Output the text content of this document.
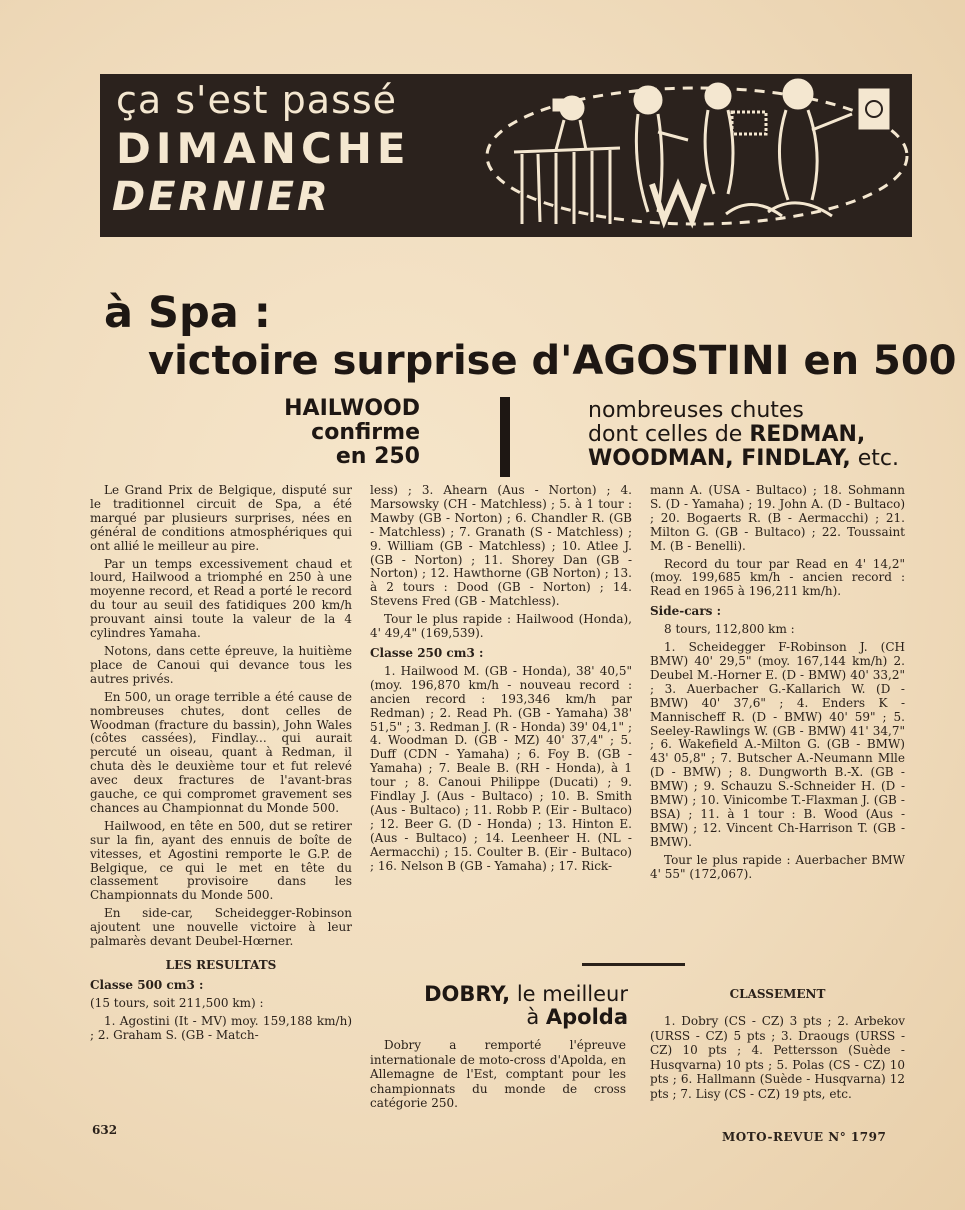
ça s'est passé
DIMANCHE
DERNIER
à Spa :
victoire surprise d'AGOSTINI en 500
HAILWOOD
confirme
en 250
nombreuses chutes
dont celles de REDMAN,
WOODMAN, FINDLAY, etc.

Le Grand Prix de Belgique, disputé sur le traditionnel circuit de Spa, a été marqué par plusieurs surprises, nées en général de conditions atmosphériques qui ont allié le meilleur au pire.

Par un temps excessivement chaud et lourd, Hailwood a triomphé en 250 à une moyenne record, et Read a porté le record du tour au seuil des fatidiques 200 km/h prouvant ainsi toute la valeur de la 4 cylindres Yamaha.

Notons, dans cette épreuve, la huitième place de Canoui qui devance tous les autres privés.

En 500, un orage terrible a été cause de nombreuses chutes, dont celles de Woodman (fracture du bassin), John Wales (côtes cassées), Findlay... qui aurait percuté un oiseau, quant à Redman, il chuta dès le deuxième tour et fut relevé avec deux fractures de l'avant-bras gauche, ce qui compromet gravement ses chances au Championnat du Monde 500.

Hailwood, en tête en 500, dut se retirer sur la fin, ayant des ennuis de boîte de vitesses, et Agostini remporte le G.P. de Belgique, ce qui le met en tête du classement provisoire dans les Championnats du Monde 500.

En side-car, Scheidegger-Robinson ajoutent une nouvelle victoire à leur palmarès devant Deubel-Hœrner.

LES RESULTATS
Classe 500 cm3 :

(15 tours, soit 211,500 km) :

1. Agostini (It - MV) moy. 159,188 km/h) ; 2. Graham S. (GB - Match-

less) ; 3. Ahearn (Aus - Norton) ; 4. Marsowsky (CH - Matchless) ; 5. à 1 tour : Mawby (GB - Norton) ; 6. Chandler R. (GB - Matchless) ; 7. Granath (S - Matchless) ; 9. William (GB - Matchless) ; 10. Atlee J. (GB - Norton) ; 11. Shorey Dan (GB - Norton) ; 12. Hawthorne (GB Norton) ; 13. à 2 tours : Dood (GB - Norton) ; 14. Stevens Fred (GB - Matchless).

Tour le plus rapide : Hailwood (Honda), 4' 49,4" (169,539).

Classe 250 cm3 :

1. Hailwood M. (GB - Honda), 38' 40,5" (moy. 196,870 km/h - nouveau record : ancien record : 193,346 km/h par Redman) ; 2. Read Ph. (GB - Yamaha) 38' 51,5" ; 3. Redman J. (R - Honda) 39' 04,1" ; 4. Woodman D. (GB - MZ) 40' 37,4" ; 5. Duff (CDN - Yamaha) ; 6. Foy B. (GB - Yamaha) ; 7. Beale B. (RH - Honda), à 1 tour ; 8. Canoui Philippe (Ducati) ; 9. Findlay J. (Aus - Bultaco) ; 10. B. Smith (Aus - Bultaco) ; 11. Robb P. (Eir - Bultaco) ; 12. Beer G. (D - Honda) ; 13. Hinton E. (Aus - Bultaco) ; 14. Leenheer H. (NL - Aermacchi) ; 15. Coulter B. (Eir - Bultaco) ; 16. Nelson B (GB - Yamaha) ; 17. Rick-

mann A. (USA - Bultaco) ; 18. Sohmann S. (D - Yamaha) ; 19. John A. (D - Bultaco) ; 20. Bogaerts R. (B - Aermacchi) ; 21. Milton G. (GB - Bultaco) ; 22. Toussaint M. (B - Benelli).

Record du tour par Read en 4' 14,2" (moy. 199,685 km/h - ancien record : Read en 1965 à 196,211 km/h).

Side-cars :

8 tours, 112,800 km :

1. Scheidegger F-Robinson J. (CH BMW) 40' 29,5" (moy. 167,144 km/h) 2. Deubel M.-Horner E. (D - BMW) 40' 33,2" ; 3. Auerbacher G.-Kallarich W. (D - BMW) 40' 37,6" ; 4. Enders K - Mannischeff R. (D - BMW) 40' 59" ; 5. Seeley-Rawlings W. (GB - BMW) 41' 34,7" ; 6. Wakefield A.-Milton G. (GB - BMW) 43' 05,8" ; 7. Butscher A.-Neumann Mlle (D - BMW) ; 8. Dungworth B.-X. (GB - BMW) ; 9. Schauzu S.-Schneider H. (D - BMW) ; 10. Vinicombe T.-Flaxman J. (GB - BSA) ; 11. à 1 tour : B. Wood (Aus - BMW) ; 12. Vincent Ch-Harrison T. (GB - BMW).

Tour le plus rapide : Auerbacher BMW 4' 55" (172,067).

DOBRY, le meilleur
à Apolda
Dobry a remporté l'épreuve internationale de moto-cross d'Apolda, en Allemagne de l'Est, comptant pour les championnats du monde de cross catégorie 250.
CLASSEMENT
1. Dobry (CS - CZ) 3 pts ; 2. Arbekov (URSS - CZ) 5 pts ; 3. Draougs (URSS - CZ) 10 pts ; 4. Pettersson (Suède - Husqvarna) 10 pts ; 5. Polas (CS - CZ) 10 pts ; 6. Hallmann (Suède - Husqvarna) 12 pts ; 7. Lisy (CS - CZ) 19 pts, etc.
632	MOTO-REVUE N° 1797
